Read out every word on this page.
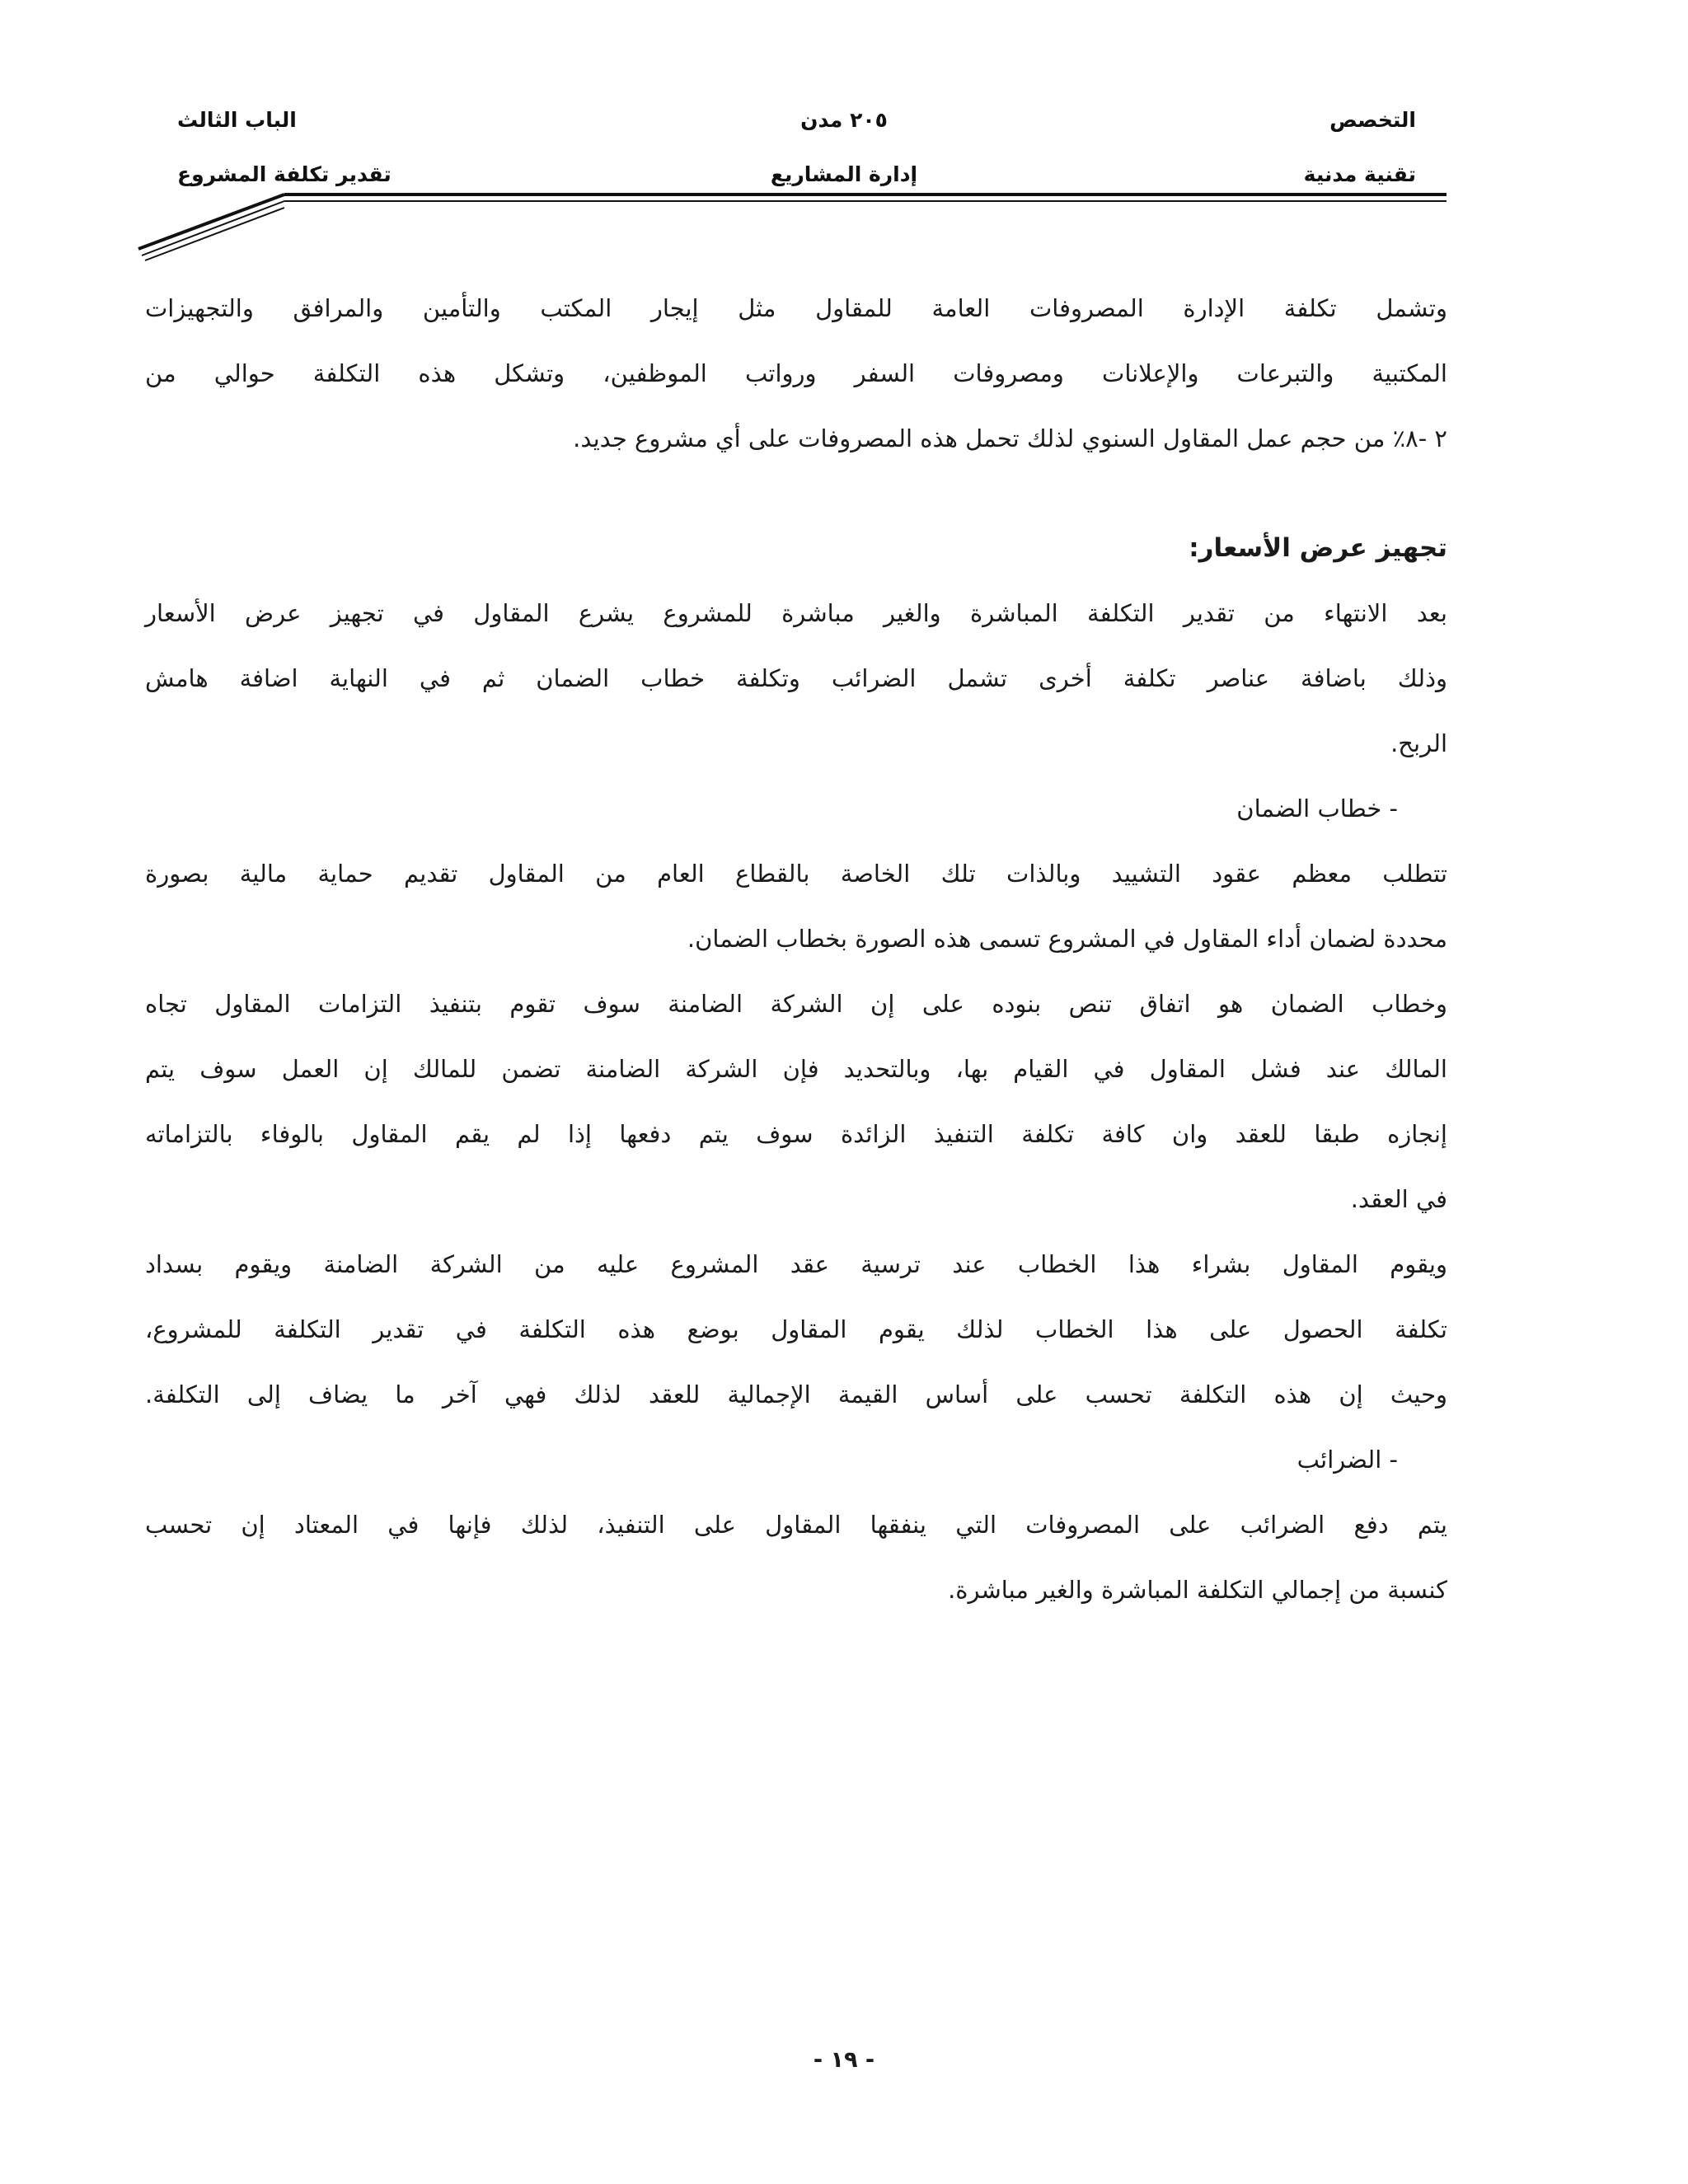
التخصص
تقنية مدنية
٢٠٥ مدن
إدارة المشاريع
الباب الثالث
تقدير تكلفة المشروع

وتشمل تكلفة الإدارة المصروفات العامة للمقاول مثل إيجار المكتب والتأمين والمرافق والتجهيزات

المكتبية والتبرعات والإعلانات ومصروفات السفر ورواتب الموظفين، وتشكل هذه التكلفة حوالي من

٢ -٨٪ من حجم عمل المقاول السنوي لذلك تحمل هذه المصروفات على أي مشروع جديد.

تجهيز عرض الأسعار:

بعد الانتهاء من تقدير التكلفة المباشرة والغير مباشرة للمشروع يشرع المقاول في تجهيز عرض الأسعار

وذلك باضافة عناصر تكلفة أخرى تشمل الضرائب وتكلفة خطاب الضمان ثم في النهاية اضافة هامش

الربح.

- خطاب الضمان

تتطلب معظم عقود التشييد وبالذات تلك الخاصة بالقطاع العام من المقاول تقديم حماية مالية بصورة

محددة لضمان أداء المقاول في المشروع تسمى هذه الصورة بخطاب الضمان.

وخطاب الضمان هو اتفاق تنص بنوده على إن الشركة الضامنة سوف تقوم بتنفيذ التزامات المقاول تجاه

المالك عند فشل المقاول في القيام بها، وبالتحديد فإن الشركة الضامنة تضمن للمالك إن العمل سوف يتم

إنجازه طبقا للعقد وان كافة تكلفة التنفيذ الزائدة سوف يتم دفعها إذا لم يقم المقاول بالوفاء بالتزاماته

في العقد.

ويقوم المقاول بشراء هذا الخطاب عند ترسية عقد المشروع عليه من الشركة الضامنة ويقوم بسداد

تكلفة الحصول على هذا الخطاب لذلك يقوم المقاول بوضع هذه التكلفة في تقدير التكلفة للمشروع،

وحيث إن هذه التكلفة تحسب على أساس القيمة الإجمالية للعقد لذلك فهي آخر ما يضاف إلى التكلفة.

- الضرائب

يتم دفع الضرائب على المصروفات التي ينفقها المقاول على التنفيذ، لذلك فإنها في المعتاد إن تحسب

كنسبة من إجمالي التكلفة المباشرة والغير مباشرة.

- ١٩ -
